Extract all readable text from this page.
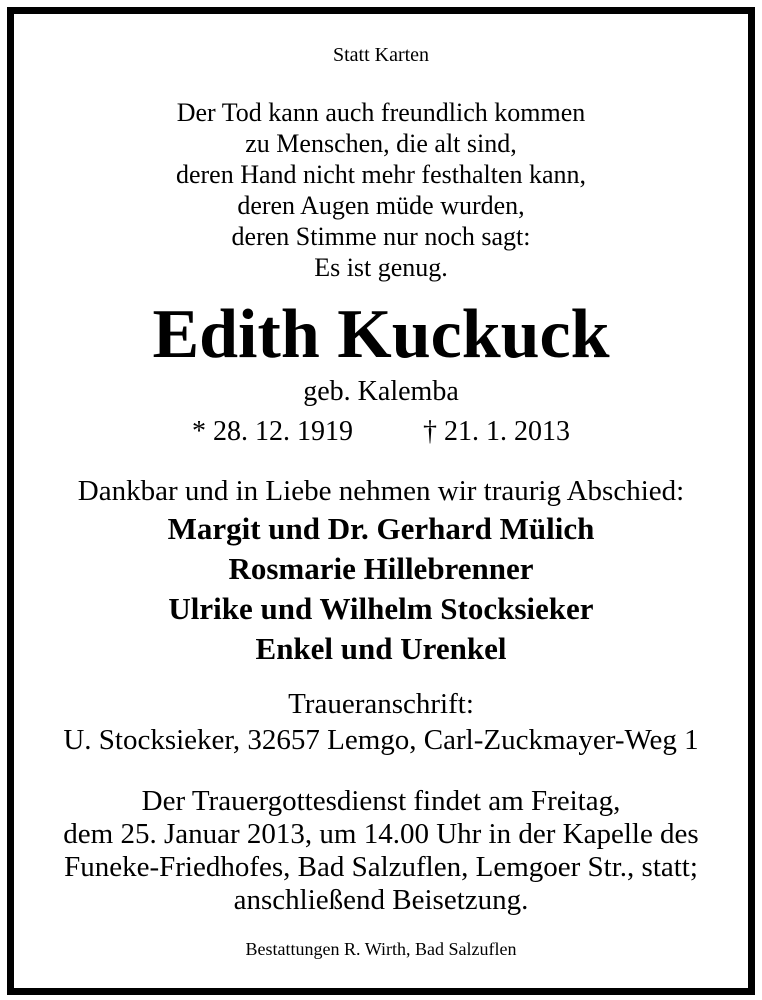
Statt Karten
Der Tod kann auch freundlich kommen
zu Menschen, die alt sind,
deren Hand nicht mehr festhalten kann,
deren Augen müde wurden,
deren Stimme nur noch sagt:
Es ist genug.
Edith Kuckuck
geb. Kalemba
* 28. 12. 1919	† 21. 1. 2013
Dankbar und in Liebe nehmen wir traurig Abschied:
Margit und Dr. Gerhard Mülich
Rosmarie Hillebrenner
Ulrike und Wilhelm Stocksieker
Enkel und Urenkel
Traueranschrift:
U. Stocksieker, 32657 Lemgo, Carl-Zuckmayer-Weg 1
Der Trauergottesdienst findet am Freitag,
dem 25. Januar 2013, um 14.00 Uhr in der Kapelle des
Funeke-Friedhofes, Bad Salzuflen, Lemgoer Str., statt;
anschließend Beisetzung.
Bestattungen R. Wirth, Bad Salzuflen
